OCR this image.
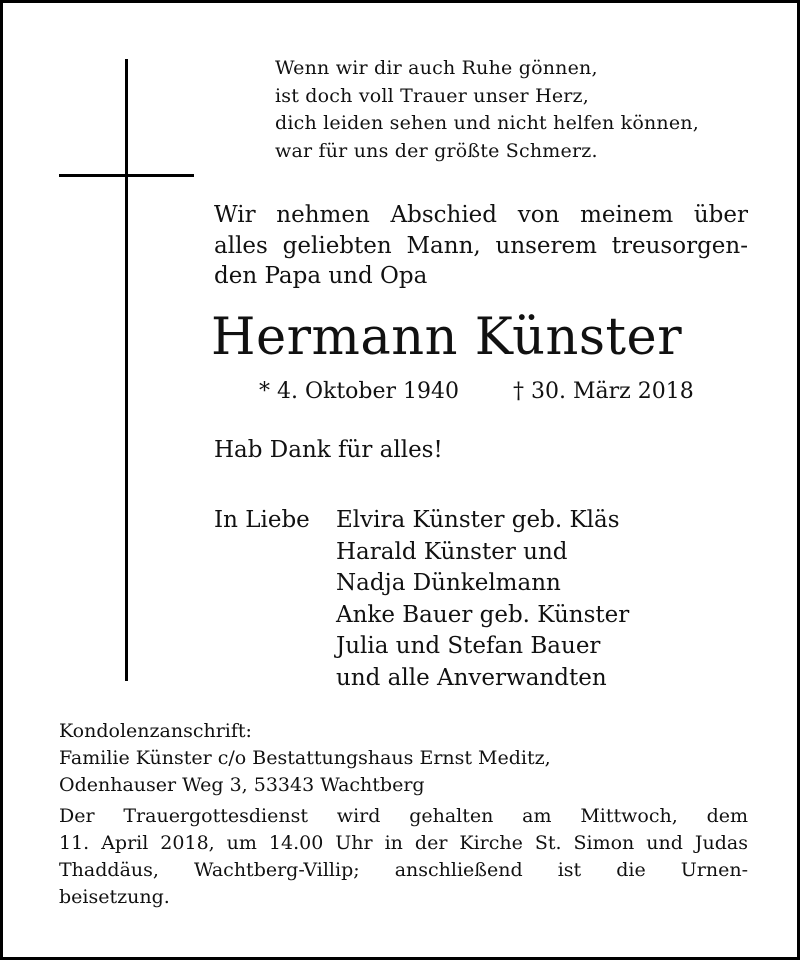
Wenn wir dir auch Ruhe gönnen,
ist doch voll Trauer unser Herz,
dich leiden sehen und nicht helfen können,
war für uns der größte Schmerz.
Wir nehmen Abschied von meinem über
alles geliebten Mann, unserem treusorgen-
den Papa und Opa
Hermann Künster
* 4. Oktober 1940 † 30. März 2018
Hab Dank für alles!
In Liebe Elvira Künster geb. Kläs
Harald Künster und
Nadja Dünkelmann
Anke Bauer geb. Künster
Julia und Stefan Bauer
und alle Anverwandten
Kondolenzanschrift:
Familie Künster c/o Bestattungshaus Ernst Meditz,
Odenhauser Weg 3, 53343 Wachtberg
Der Trauergottesdienst wird gehalten am Mittwoch, dem
11. April 2018, um 14.00 Uhr in der Kirche St. Simon und Judas
Thaddäus, Wachtberg-Villip; anschließend ist die Urnen-
beisetzung.
